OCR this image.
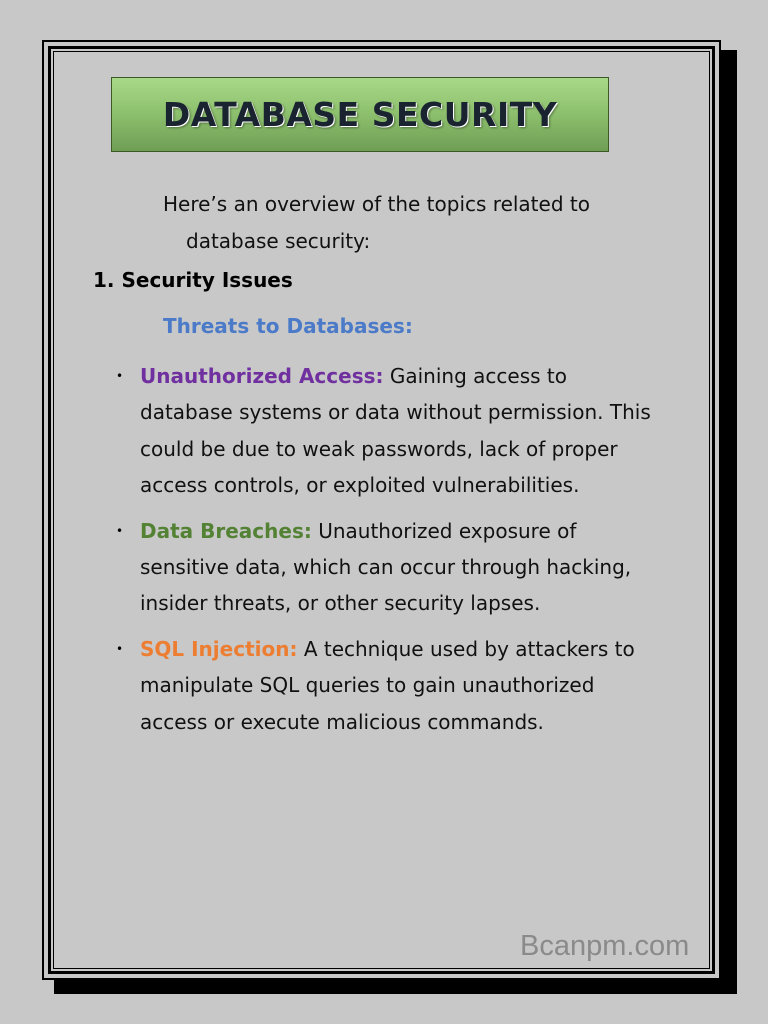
DATABASE SECURITY
Here’s an overview of the topics related to
database security:
1. Security Issues
Threats to Databases:
• Unauthorized Access: Gaining access to database systems or data without permission. This could be due to weak passwords, lack of proper access controls, or exploited vulnerabilities.
• Data Breaches: Unauthorized exposure of sensitive data, which can occur through hacking, insider threats, or other security lapses.
• SQL Injection: A technique used by attackers to manipulate SQL queries to gain unauthorized access or execute malicious commands.
Bcanpm.com
